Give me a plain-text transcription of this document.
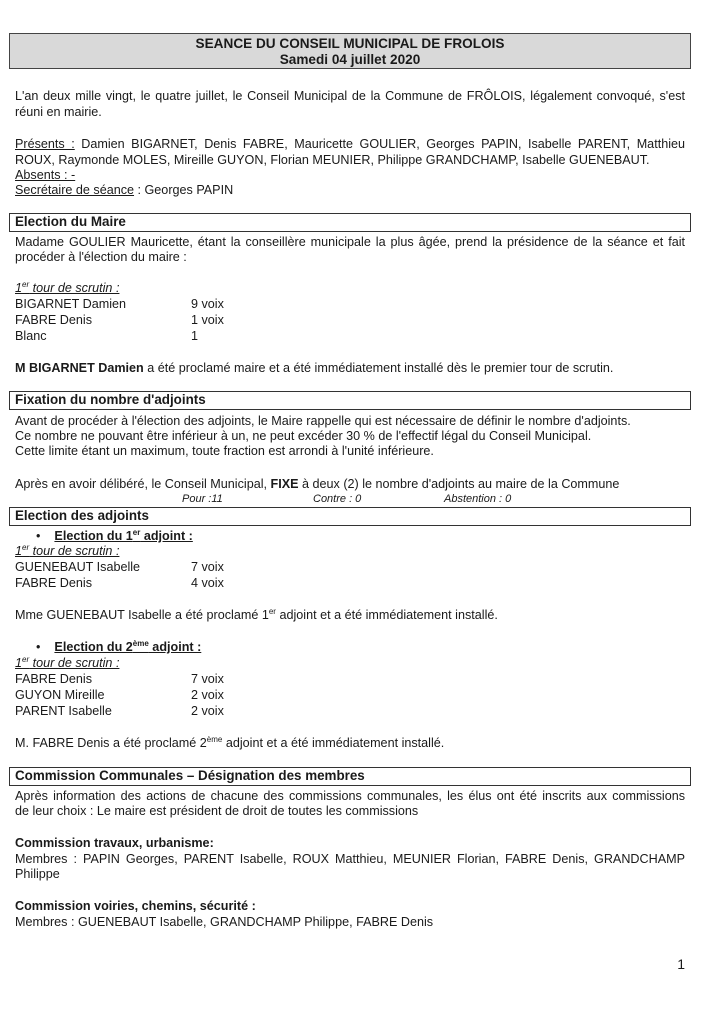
SEANCE DU CONSEIL MUNICIPAL DE FROLOIS
Samedi 04 juillet 2020
L'an deux mille vingt, le quatre juillet, le Conseil Municipal de la Commune de FRÔLOIS, légalement convoqué, s'est
réuni en mairie.
Présents : Damien BIGARNET, Denis FABRE, Mauricette GOULIER, Georges PAPIN, Isabelle PARENT, Matthieu
ROUX, Raymonde MOLES, Mireille GUYON, Florian MEUNIER, Philippe GRANDCHAMP, Isabelle GUENEBAUT.
Absents : -
Secrétaire de séance : Georges PAPIN
Election du Maire
Madame GOULIER Mauricette, étant la conseillère municipale la plus âgée, prend la présidence de la séance et fait
procéder à l'élection du maire :
1er tour de scrutin :
BIGARNET Damien	9 voix
FABRE Denis	1 voix
Blanc	1
M BIGARNET Damien a été proclamé maire et a été immédiatement installé dès le premier tour de scrutin.
Fixation du nombre d'adjoints
Avant de procéder à l'élection des adjoints, le Maire rappelle qui est nécessaire de définir le nombre d'adjoints.
Ce nombre ne pouvant être inférieur à un, ne peut excéder 30 % de l'effectif légal du Conseil Municipal.
Cette limite étant un maximum, toute fraction est arrondi à l'unité inférieure.
Après en avoir délibéré, le Conseil Municipal, FIXE à deux (2) le nombre d'adjoints au maire de la Commune
Pour :11	Contre : 0	Abstention : 0
Election des adjoints
• Election du 1er adjoint :
1er tour de scrutin :
GUENEBAUT Isabelle	7 voix
FABRE Denis	4 voix
Mme GUENEBAUT Isabelle a été proclamé 1er adjoint et a été immédiatement installé.
• Election du 2ème adjoint :
1er tour de scrutin :
FABRE Denis	7 voix
GUYON Mireille	2 voix
PARENT Isabelle	2 voix
M. FABRE Denis a été proclamé 2ème adjoint et a été immédiatement installé.
Commission Communales – Désignation des membres
Après information des actions de chacune des commissions communales, les élus ont été inscrits aux commissions
de leur choix : Le maire est président de droit de toutes les commissions
Commission travaux, urbanisme:
Membres : PAPIN Georges, PARENT Isabelle, ROUX Matthieu, MEUNIER Florian, FABRE Denis, GRANDCHAMP
Philippe
Commission voiries, chemins, sécurité :
Membres : GUENEBAUT Isabelle, GRANDCHAMP Philippe, FABRE Denis
1
